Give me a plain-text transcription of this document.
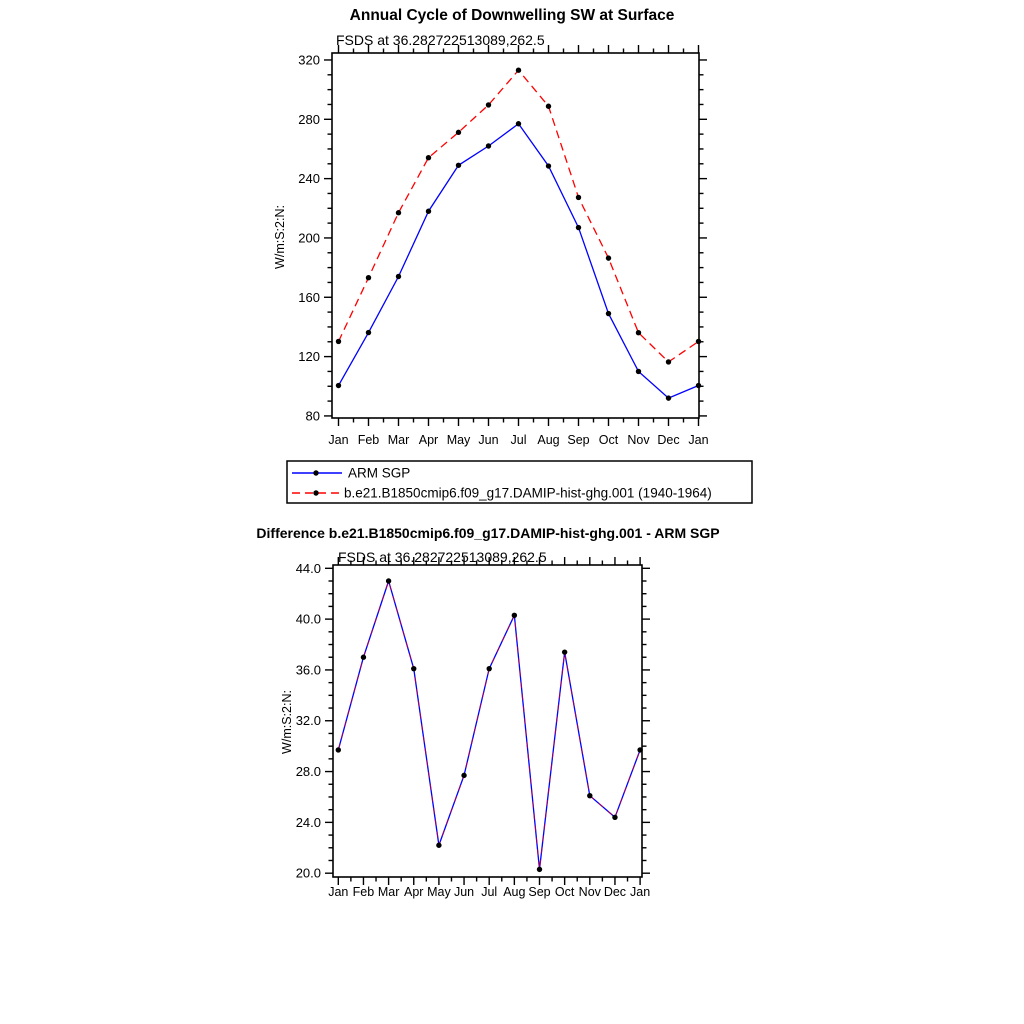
Annual Cycle of Downwelling SW at Surface
FSDS at 36.282722513089,262.5
W/m:S:2:N:
80
120
160
200
240
280
320
Jan Feb Mar Apr May Jun Jul Aug Sep Oct Nov Dec Jan
ARM SGP
b.e21.B1850cmip6.f09_g17.DAMIP-hist-ghg.001 (1940-1964)
Difference b.e21.B1850cmip6.f09_g17.DAMIP-hist-ghg.001 - ARM SGP
FSDS at 36.282722513089,262.5
W/m:S:2:N:
20.0
24.0
28.0
32.0
36.0
40.0
44.0
Jan Feb Mar Apr May Jun Jul Aug Sep Oct Nov Dec Jan
